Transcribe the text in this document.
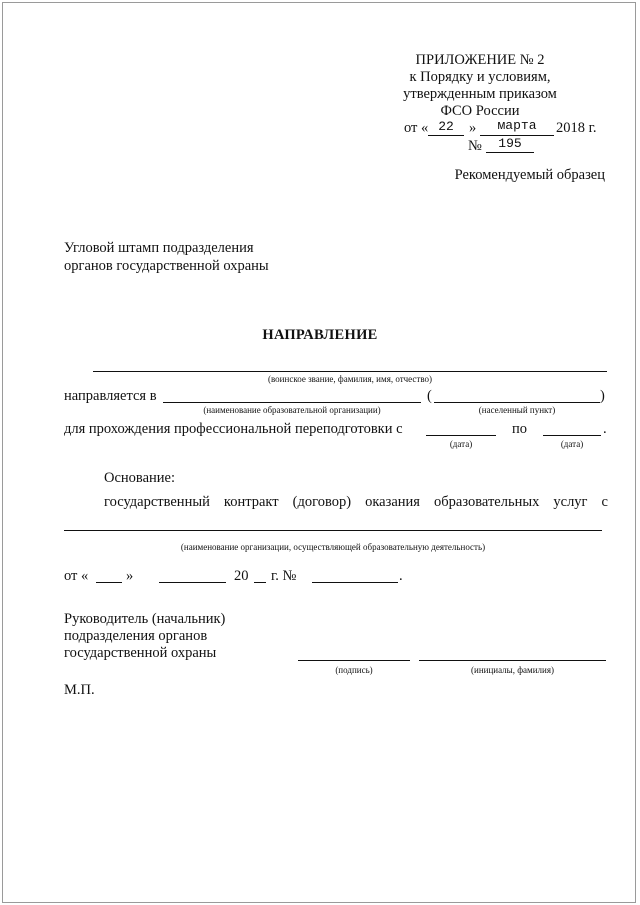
ПРИЛОЖЕНИЕ № 2
к Порядку и условиям,
утвержденным приказом
ФСО России
от « 22	»	марта	2018 г.
№	195
Рекомендуемый образец
Угловой штамп подразделения
органов государственной охраны
НАПРАВЛЕНИЕ
(воинское звание, фамилия, имя, отчество)
направляется в	(	)
(наименование образовательной организации)	(населенный пункт)
для прохождения профессиональной переподготовки с	по	.
(дата)	(дата)
Основание:
государственный контракт (договор) оказания образовательных услуг с
(наименование организации, осуществляющей образовательную деятельность)
от «	»	20 г. №	.
Руководитель (начальник)
подразделения органов
государственной охраны
(подпись)	(инициалы, фамилия)
М.П.
